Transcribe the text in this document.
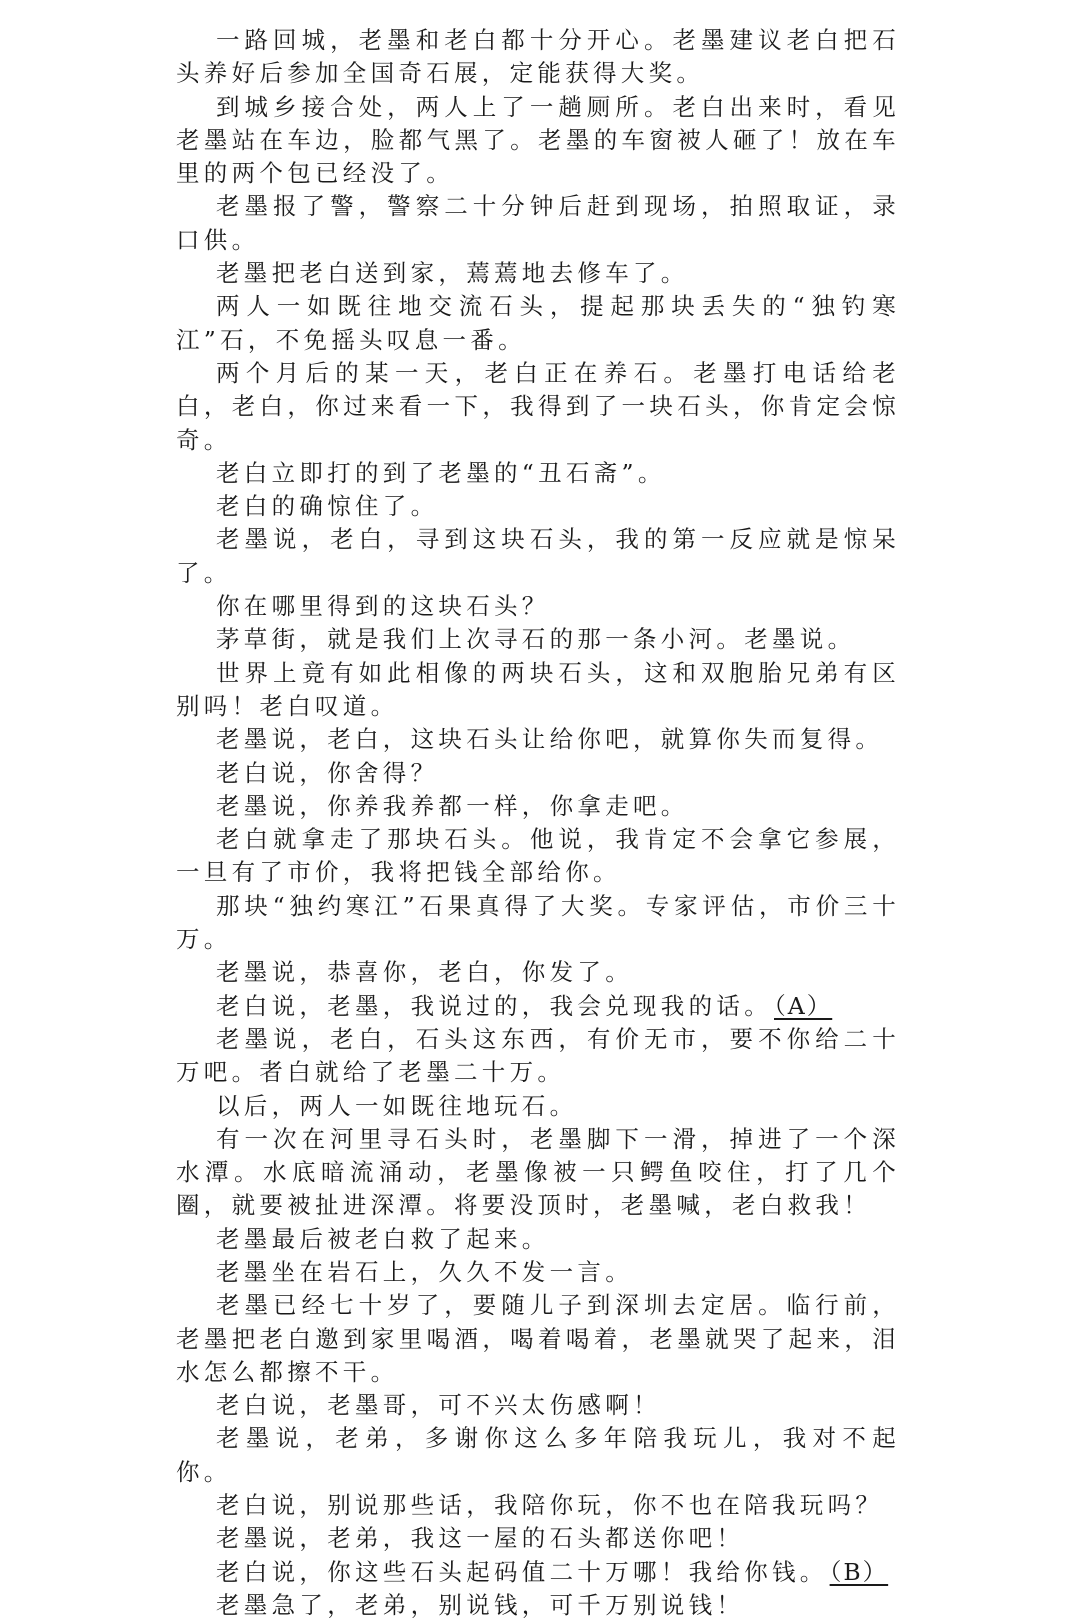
一路回城，老墨和老白都十分开心。老墨建议老白把石头养好后参加全国奇石展，定能获得大奖。

到城乡接合处，两人上了一趟厕所。老白出来时，看见老墨站在车边，脸都气黑了。老墨的车窗被人砸了！放在车里的两个包已经没了。

老墨报了警，警察二十分钟后赶到现场，拍照取证，录口供。

老墨把老白送到家，蔫蔫地去修车了。

两人一如既往地交流石头，提起那块丢失的“独钓寒江”石，不免摇头叹息一番。

两个月后的某一天，老白正在养石。老墨打电话给老白，老白，你过来看一下，我得到了一块石头，你肯定会惊奇。

老白立即打的到了老墨的“丑石斋”。

老白的确惊住了。

老墨说，老白，寻到这块石头，我的第一反应就是惊呆了。

你在哪里得到的这块石头？

茅草街，就是我们上次寻石的那一条小河。老墨说。

世界上竟有如此相像的两块石头，这和双胞胎兄弟有区别吗！老白叹道。

老墨说，老白，这块石头让给你吧，就算你失而复得。

老白说，你舍得？

老墨说，你养我养都一样，你拿走吧。

老白就拿走了那块石头。他说，我肯定不会拿它参展，一旦有了市价，我将把钱全部给你。

那块“独约寒江”石果真得了大奖。专家评估，市价三十万。

老墨说，恭喜你，老白，你发了。

老白说，老墨，我说过的，我会兑现我的话。（A）

老墨说，老白，石头这东西，有价无市，要不你给二十万吧。者白就给了老墨二十万。

以后，两人一如既往地玩石。

有一次在河里寻石头时，老墨脚下一滑，掉进了一个深水潭。水底暗流涌动，老墨像被一只鳄鱼咬住，打了几个圈，就要被扯进深潭。将要没顶时，老墨喊，老白救我！

老墨最后被老白救了起来。

老墨坐在岩石上，久久不发一言。

老墨已经七十岁了，要随儿子到深圳去定居。临行前，老墨把老白邀到家里喝酒，喝着喝着，老墨就哭了起来，泪水怎么都擦不干。

老白说，老墨哥，可不兴太伤感啊！

老墨说，老弟，多谢你这么多年陪我玩儿，我对不起你。

老白说，别说那些话，我陪你玩，你不也在陪我玩吗？

老墨说，老弟，我这一屋的石头都送你吧！

老白说，你这些石头起码值二十万哪！我给你钱。（B）

老墨急了，老弟，别说钱，可千万别说钱！
